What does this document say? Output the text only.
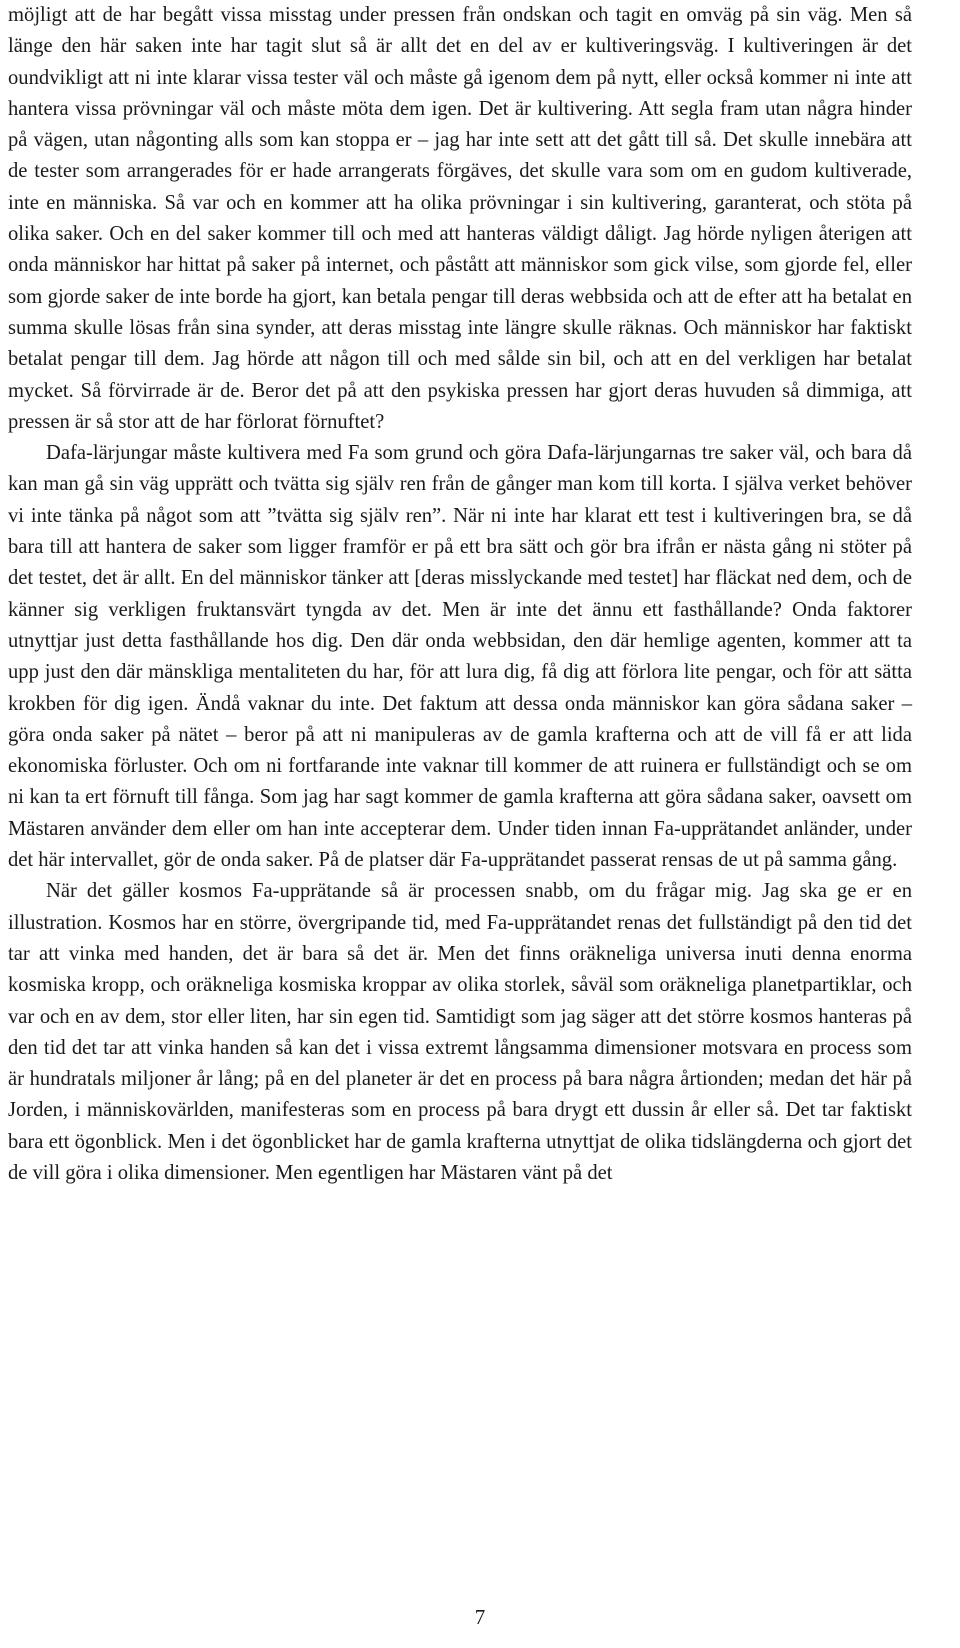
möjligt att de har begått vissa misstag under pressen från ondskan och tagit en omväg på sin väg. Men så länge den här saken inte har tagit slut så är allt det en del av er kultiveringsväg. I kultiveringen är det oundvikligt att ni inte klarar vissa tester väl och måste gå igenom dem på nytt, eller också kommer ni inte att hantera vissa prövningar väl och måste möta dem igen. Det är kultivering. Att segla fram utan några hinder på vägen, utan någonting alls som kan stoppa er – jag har inte sett att det gått till så. Det skulle innebära att de tester som arrangerades för er hade arrangerats förgäves, det skulle vara som om en gudom kultiverade, inte en människa. Så var och en kommer att ha olika prövningar i sin kultivering, garanterat, och stöta på olika saker. Och en del saker kommer till och med att hanteras väldigt dåligt. Jag hörde nyligen återigen att onda människor har hittat på saker på internet, och påstått att människor som gick vilse, som gjorde fel, eller som gjorde saker de inte borde ha gjort, kan betala pengar till deras webbsida och att de efter att ha betalat en summa skulle lösas från sina synder, att deras misstag inte längre skulle räknas. Och människor har faktiskt betalat pengar till dem. Jag hörde att någon till och med sålde sin bil, och att en del verkligen har betalat mycket. Så förvirrade är de. Beror det på att den psykiska pressen har gjort deras huvuden så dimmiga, att pressen är så stor att de har förlorat förnuftet?

Dafa-lärjungar måste kultivera med Fa som grund och göra Dafa-lärjungarnas tre saker väl, och bara då kan man gå sin väg upprätt och tvätta sig själv ren från de gånger man kom till korta. I själva verket behöver vi inte tänka på något som att ”tvätta sig själv ren”. När ni inte har klarat ett test i kultiveringen bra, se då bara till att hantera de saker som ligger framför er på ett bra sätt och gör bra ifrån er nästa gång ni stöter på det testet, det är allt. En del människor tänker att [deras misslyckande med testet] har fläckat ned dem, och de känner sig verkligen fruktansvärt tyngda av det. Men är inte det ännu ett fasthållande? Onda faktorer utnyttjar just detta fasthållande hos dig. Den där onda webbsidan, den där hemlige agenten, kommer att ta upp just den där mänskliga mentaliteten du har, för att lura dig, få dig att förlora lite pengar, och för att sätta krokben för dig igen. Ändå vaknar du inte. Det faktum att dessa onda människor kan göra sådana saker – göra onda saker på nätet – beror på att ni manipuleras av de gamla krafterna och att de vill få er att lida ekonomiska förluster. Och om ni fortfarande inte vaknar till kommer de att ruinera er fullständigt och se om ni kan ta ert förnuft till fånga. Som jag har sagt kommer de gamla krafterna att göra sådana saker, oavsett om Mästaren använder dem eller om han inte accepterar dem. Under tiden innan Fa-upprätandet anländer, under det här intervallet, gör de onda saker. På de platser där Fa-upprätandet passerat rensas de ut på samma gång.

När det gäller kosmos Fa-upprätande så är processen snabb, om du frågar mig. Jag ska ge er en illustration. Kosmos har en större, övergripande tid, med Fa-upprätandet renas det fullständigt på den tid det tar att vinka med handen, det är bara så det är. Men det finns oräkneliga universa inuti denna enorma kosmiska kropp, och oräkneliga kosmiska kroppar av olika storlek, såväl som oräkneliga planetpartiklar, och var och en av dem, stor eller liten, har sin egen tid. Samtidigt som jag säger att det större kosmos hanteras på den tid det tar att vinka handen så kan det i vissa extremt långsamma dimensioner motsvara en process som är hundratals miljoner år lång; på en del planeter är det en process på bara några årtionden; medan det här på Jorden, i människovärlden, manifesteras som en process på bara drygt ett dussin år eller så. Det tar faktiskt bara ett ögonblick. Men i det ögonblicket har de gamla krafterna utnyttjat de olika tidslängderna och gjort det de vill göra i olika dimensioner. Men egentligen har Mästaren vänt på det

7
